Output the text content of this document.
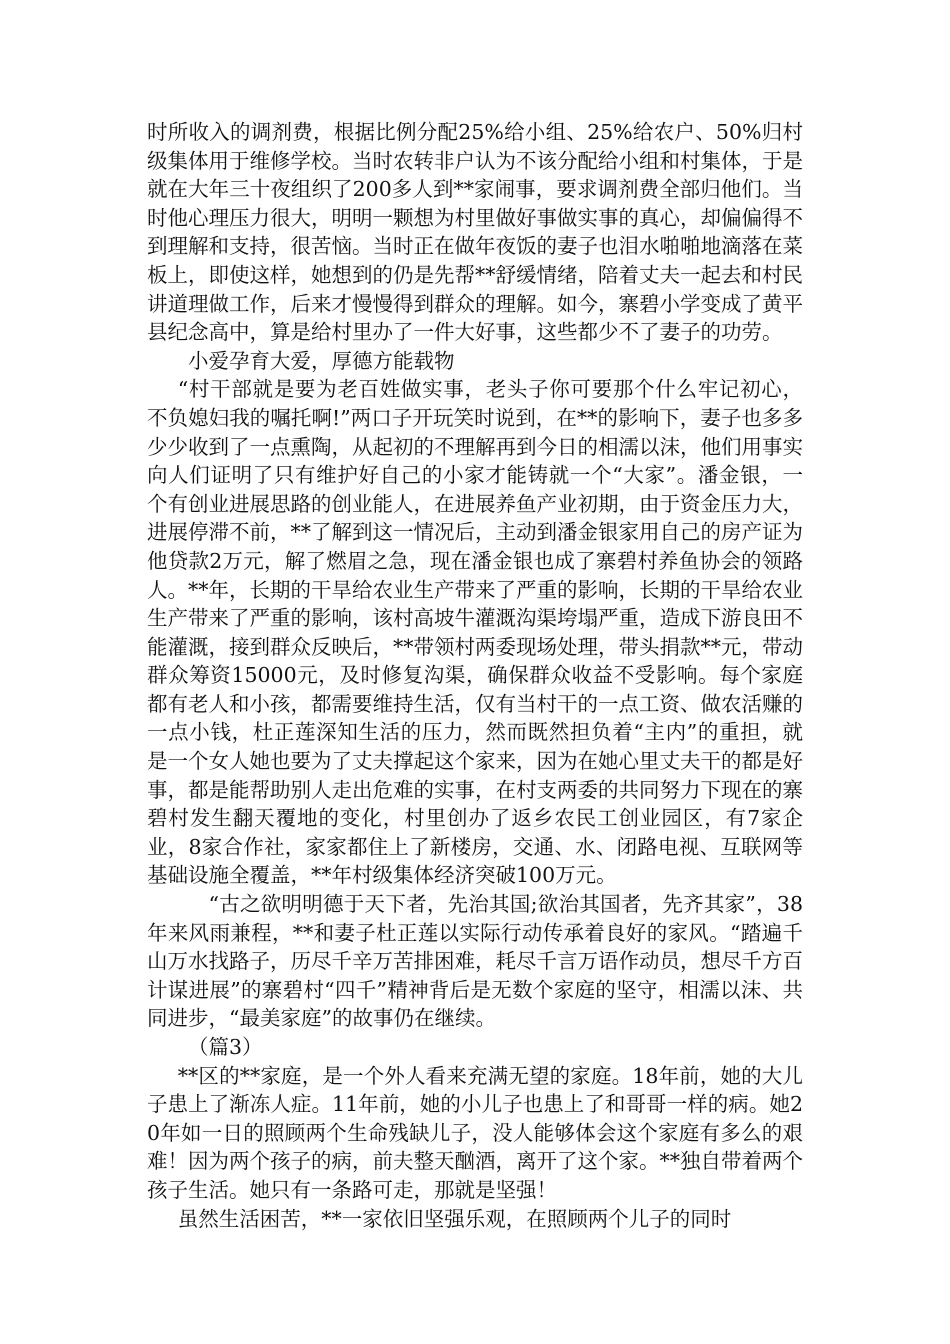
时所收入的调剂费，根据比例分配25%给小组、25%给农户、50%归村级集体用于维修学校。当时农转非户认为不该分配给小组和村集体，于是就在大年三十夜组织了200多人到**家闹事，要求调剂费全部归他们。当时他心理压力很大，明明一颗想为村里做好事做实事的真心，却偏偏得不到理解和支持，很苦恼。当时正在做年夜饭的妻子也泪水啪啪地滴落在菜板上，即使这样，她想到的仍是先帮**舒缓情绪，陪着丈夫一起去和村民讲道理做工作，后来才慢慢得到群众的理解。如今，寨碧小学变成了黄平县纪念高中，算是给村里办了一件大好事，这些都少不了妻子的功劳。

小爱孕育大爱，厚德方能载物

“村干部就是要为老百姓做实事，老头子你可要那个什么牢记初心，不负媳妇我的嘱托啊!”两口子开玩笑时说到，在**的影响下，妻子也多多少少收到了一点熏陶，从起初的不理解再到今日的相濡以沫，他们用事实向人们证明了只有维护好自己的小家才能铸就一个“大家”。潘金银，一个有创业进展思路的创业能人，在进展养鱼产业初期，由于资金压力大，进展停滞不前，**了解到这一情况后，主动到潘金银家用自己的房产证为他贷款2万元，解了燃眉之急，现在潘金银也成了寨碧村养鱼协会的领路人。**年，长期的干旱给农业生产带来了严重的影响，长期的干旱给农业生产带来了严重的影响，该村高坡牛灌溉沟渠垮塌严重，造成下游良田不能灌溉，接到群众反映后，**带领村两委现场处理，带头捐款**元，带动群众筹资15000元，及时修复沟渠，确保群众收益不受影响。每个家庭都有老人和小孩，都需要维持生活，仅有当村干的一点工资、做农活赚的一点小钱，杜正莲深知生活的压力，然而既然担负着“主内”的重担，就是一个女人她也要为了丈夫撑起这个家来，因为在她心里丈夫干的都是好事，都是能帮助别人走出危难的实事，在村支两委的共同努力下现在的寨碧村发生翻天覆地的变化，村里创办了返乡农民工创业园区，有7家企业，8家合作社，家家都住上了新楼房，交通、水、闭路电视、互联网等基础设施全覆盖，**年村级集体经济突破100万元。

“古之欲明明德于天下者，先治其国;欲治其国者，先齐其家”，38年来风雨兼程，**和妻子杜正莲以实际行动传承着良好的家风。“踏遍千山万水找路子，历尽千辛万苦排困难，耗尽千言万语作动员，想尽千方百计谋进展”的寨碧村“四千”精神背后是无数个家庭的坚守，相濡以沫、共同进步，“最美家庭”的故事仍在继续。

（篇3）

**区的**家庭，是一个外人看来充满无望的家庭。18年前，她的大儿子患上了渐冻人症。11年前，她的小儿子也患上了和哥哥一样的病。她20年如一日的照顾两个生命残缺儿子，没人能够体会这个家庭有多么的艰难！因为两个孩子的病，前夫整天酗酒，离开了这个家。**独自带着两个孩子生活。她只有一条路可走，那就是坚强！

虽然生活困苦，**一家依旧坚强乐观，在照顾两个儿子的同时
